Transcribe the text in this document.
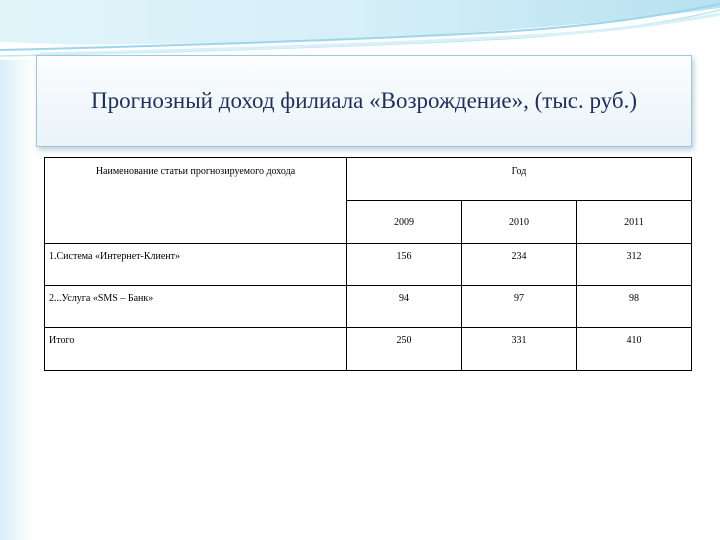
Прогнозный доход филиала «Возрождение», (тыс. руб.)
Наименование статьи прогнозируемого дохода	Год		
	2009	2010	2011
1.Система «Интернет-Клиент»	156	234	312
2...Услуга «SMS – Банк»	94	97	98
Итого	250	331	410
